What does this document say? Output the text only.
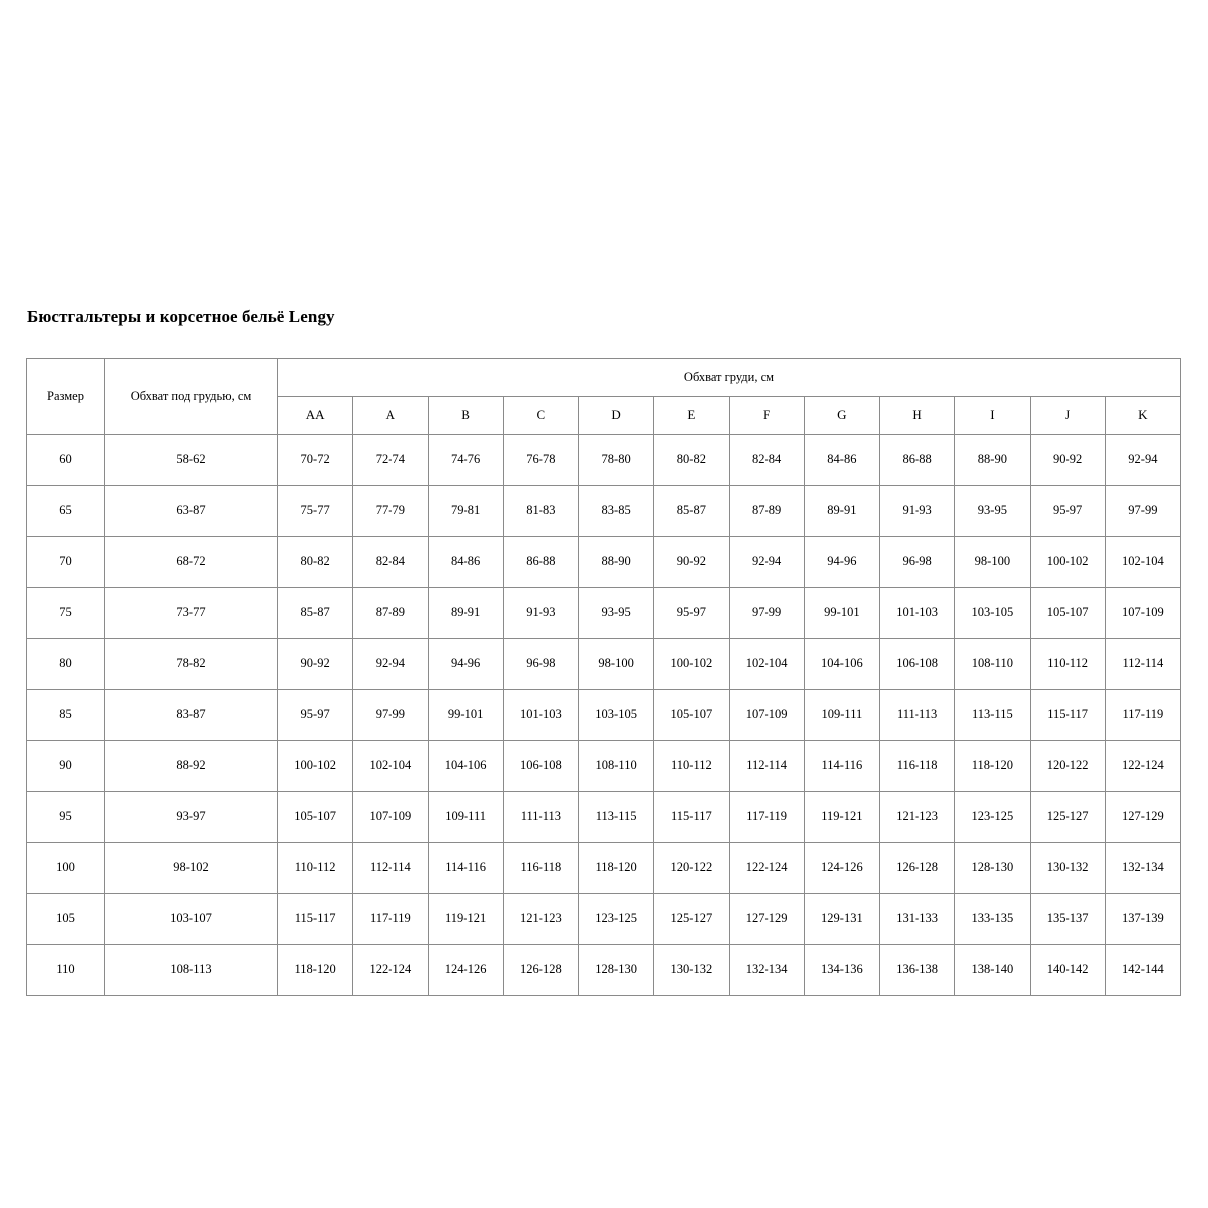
Бюстгальтеры и корсетное бельё Lengy
Размер	Обхват под грудью, см	Обхват груди, см											
		AA	A	B	C	D	E	F	G	H	I	J	K
60	58-62	70-72	72-74	74-76	76-78	78-80	80-82	82-84	84-86	86-88	88-90	90-92	92-94
65	63-87	75-77	77-79	79-81	81-83	83-85	85-87	87-89	89-91	91-93	93-95	95-97	97-99
70	68-72	80-82	82-84	84-86	86-88	88-90	90-92	92-94	94-96	96-98	98-100	100-102	102-104
75	73-77	85-87	87-89	89-91	91-93	93-95	95-97	97-99	99-101	101-103	103-105	105-107	107-109
80	78-82	90-92	92-94	94-96	96-98	98-100	100-102	102-104	104-106	106-108	108-110	110-112	112-114
85	83-87	95-97	97-99	99-101	101-103	103-105	105-107	107-109	109-111	111-113	113-115	115-117	117-119
90	88-92	100-102	102-104	104-106	106-108	108-110	110-112	112-114	114-116	116-118	118-120	120-122	122-124
95	93-97	105-107	107-109	109-111	111-113	113-115	115-117	117-119	119-121	121-123	123-125	125-127	127-129
100	98-102	110-112	112-114	114-116	116-118	118-120	120-122	122-124	124-126	126-128	128-130	130-132	132-134
105	103-107	115-117	117-119	119-121	121-123	123-125	125-127	127-129	129-131	131-133	133-135	135-137	137-139
110	108-113	118-120	122-124	124-126	126-128	128-130	130-132	132-134	134-136	136-138	138-140	140-142	142-144
